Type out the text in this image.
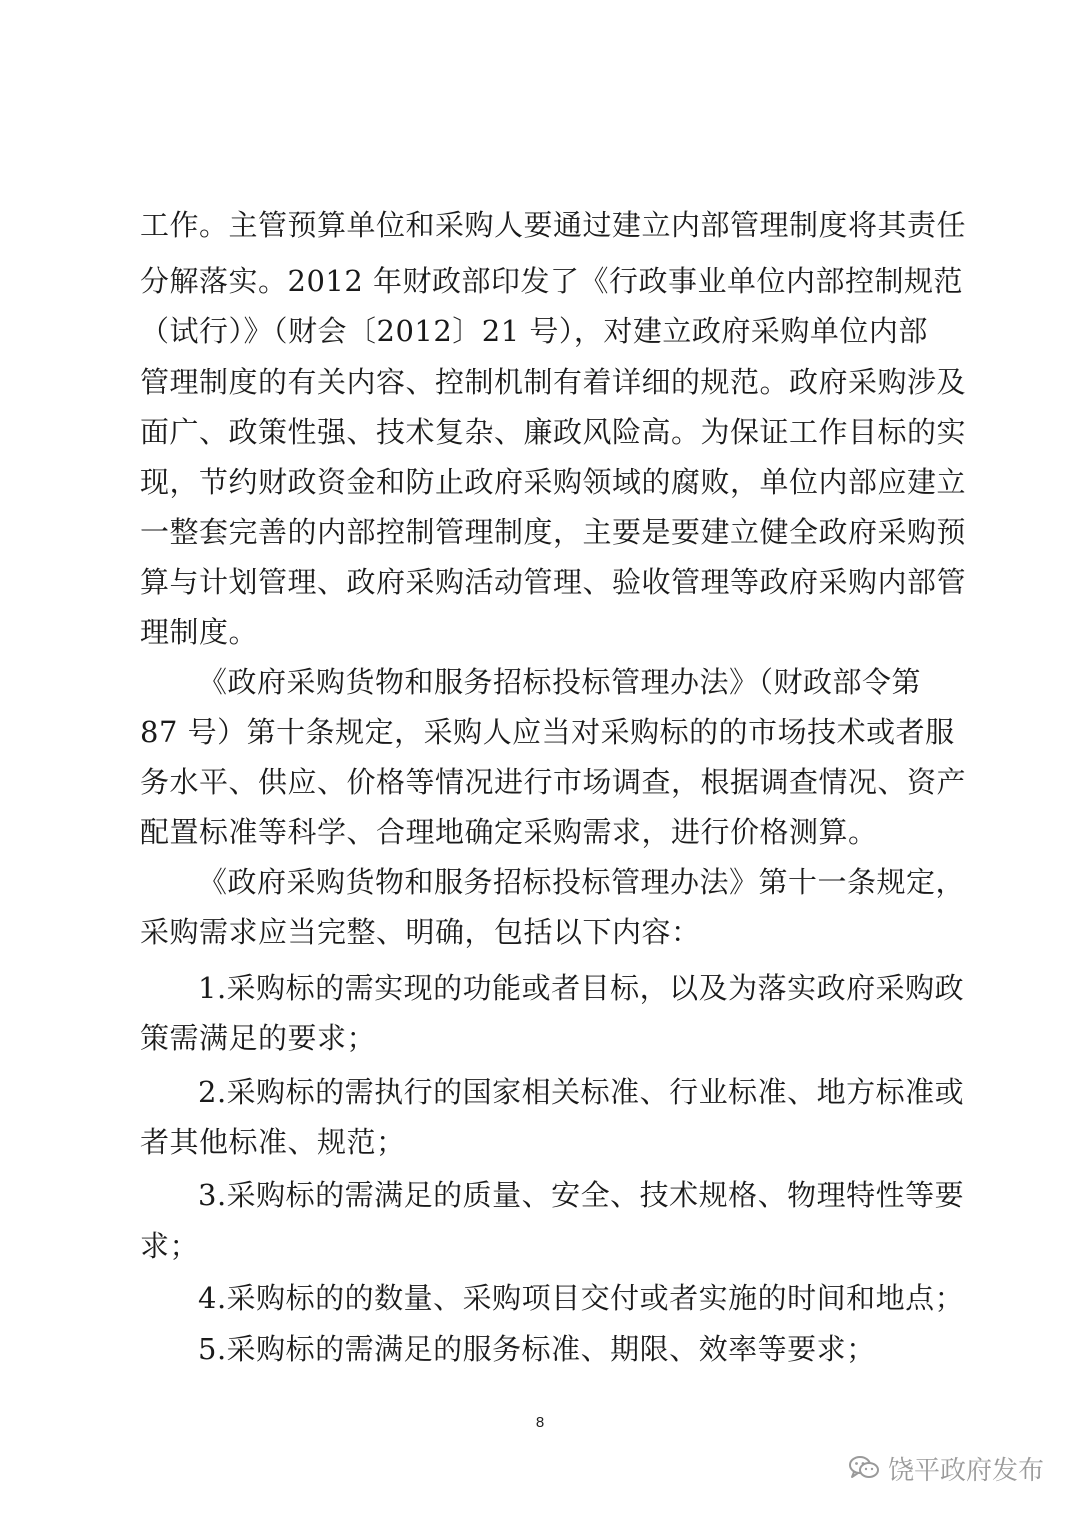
工作。主管预算单位和采购人要通过建立内部管理制度将其责任
分解落实。2012 年财政部印发了《行政事业单位内部控制规范
（试行）》（财会〔2012〕21 号），对建立政府采购单位内部
管理制度的有关内容、控制机制有着详细的规范。政府采购涉及
面广、政策性强、技术复杂、廉政风险高。为保证工作目标的实
现，节约财政资金和防止政府采购领域的腐败，单位内部应建立
一整套完善的内部控制管理制度，主要是要建立健全政府采购预
算与计划管理、政府采购活动管理、验收管理等政府采购内部管
理制度。
《政府采购货物和服务招标投标管理办法》（财政部令第
87 号）第十条规定，采购人应当对采购标的的市场技术或者服
务水平、供应、价格等情况进行市场调查，根据调查情况、资产
配置标准等科学、合理地确定采购需求，进行价格测算。
《政府采购货物和服务招标投标管理办法》第十一条规定，
采购需求应当完整、明确，包括以下内容：
1.采购标的需实现的功能或者目标，以及为落实政府采购政
策需满足的要求；
2.采购标的需执行的国家相关标准、行业标准、地方标准或
者其他标准、规范；
3.采购标的需满足的质量、安全、技术规格、物理特性等要
求；
4.采购标的的数量、采购项目交付或者实施的时间和地点；
5.采购标的需满足的服务标准、期限、效率等要求；
8
饶平政府发布
